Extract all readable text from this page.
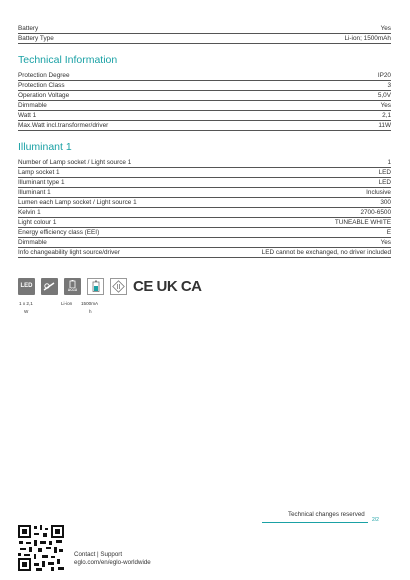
Battery	Yes
Battery Type	Li-ion; 1500mAh
Technical Information
Protection Degree	IP20
Protection Class	3
Operation Voltage	5,0V
Dimmable	Yes
Watt 1	2,1
Max.Watt incl.transformer/driver	11W
Illuminant 1
Number of Lamp socket / Light source 1	1
Lamp socket 1	LED
Illuminant type 1	LED
Illuminant 1	Inclusive
Lumen each Lamp socket / Light source 1	300
Kelvin 1	2700-6500
Light colour 1	TUNEABLE WHITE
Energy efficiency class (EEI)	E
Dimmable	Yes
Info changeability light source/driver	LED cannot be exchanged, no driver included
LED
ACCU	CE UK CA
1 x 2,1
W
Li-ion 1500mA
h
Technical changes reserved
2/2
Contact | Support
eglo.com/en/eglo-worldwide
